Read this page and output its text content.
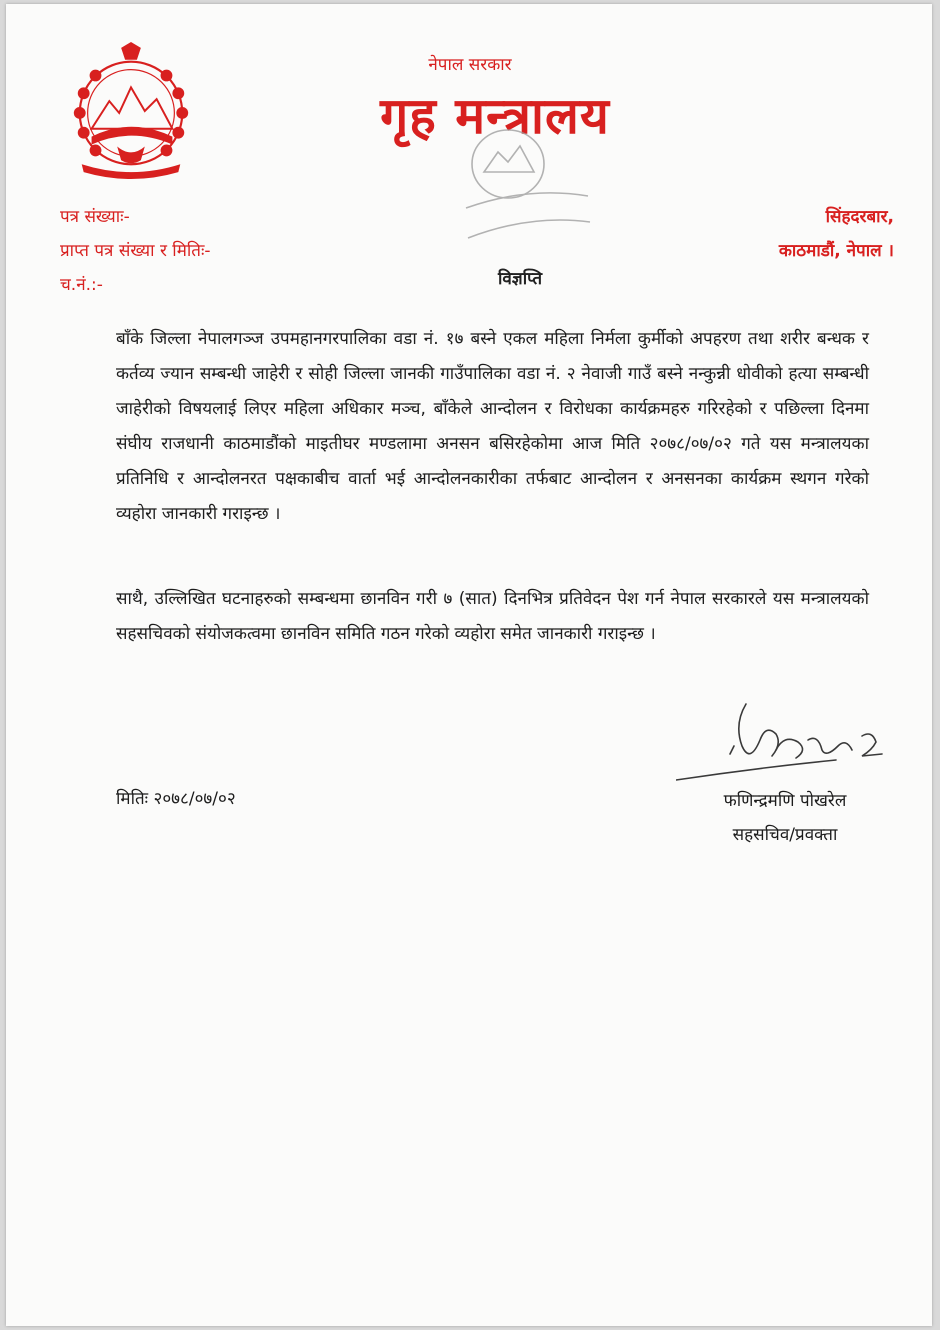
नेपाल सरकार
गृह मन्त्रालय
पत्र संख्याः-
प्राप्त पत्र संख्या र मितिः-
च.नं.:-
सिंहदरबार,
काठमाडौं, नेपाल ।
विज्ञप्ति

बाँके जिल्ला नेपालगञ्ज उपमहानगरपालिका वडा नं. १७ बस्ने एकल महिला निर्मला कुर्मीको अपहरण तथा शरीर बन्धक र कर्तव्य ज्यान सम्बन्धी जाहेरी र सोही जिल्ला जानकी गाउँपालिका वडा नं. २ नेवाजी गाउँ बस्ने नन्कुन्नी धोवीको हत्या सम्बन्धी जाहेरीको विषयलाई लिएर महिला अधिकार मञ्च, बाँकेले आन्दोलन र विरोधका कार्यक्रमहरु गरिरहेको र पछिल्ला दिनमा संघीय राजधानी काठमाडौंको माइतीघर मण्डलामा अनसन बसिरहेकोमा आज मिति २०७८/०७/०२ गते यस मन्त्रालयका प्रतिनिधि र आन्दोलनरत पक्षकाबीच वार्ता भई आन्दोलनकारीका तर्फबाट आन्दोलन र अनसनका कार्यक्रम स्थगन गरेको व्यहोरा जानकारी गराइन्छ ।

साथै, उल्लिखित घटनाहरुको सम्बन्धमा छानविन गरी ७ (सात) दिनभित्र प्रतिवेदन पेश गर्न नेपाल सरकारले यस मन्त्रालयको सहसचिवको संयोजकत्वमा छानविन समिति गठन गरेको व्यहोरा समेत जानकारी गराइन्छ ।

मितिः २०७८/०७/०२	फणिन्द्रमणि पोखरेल
सहसचिव/प्रवक्ता
